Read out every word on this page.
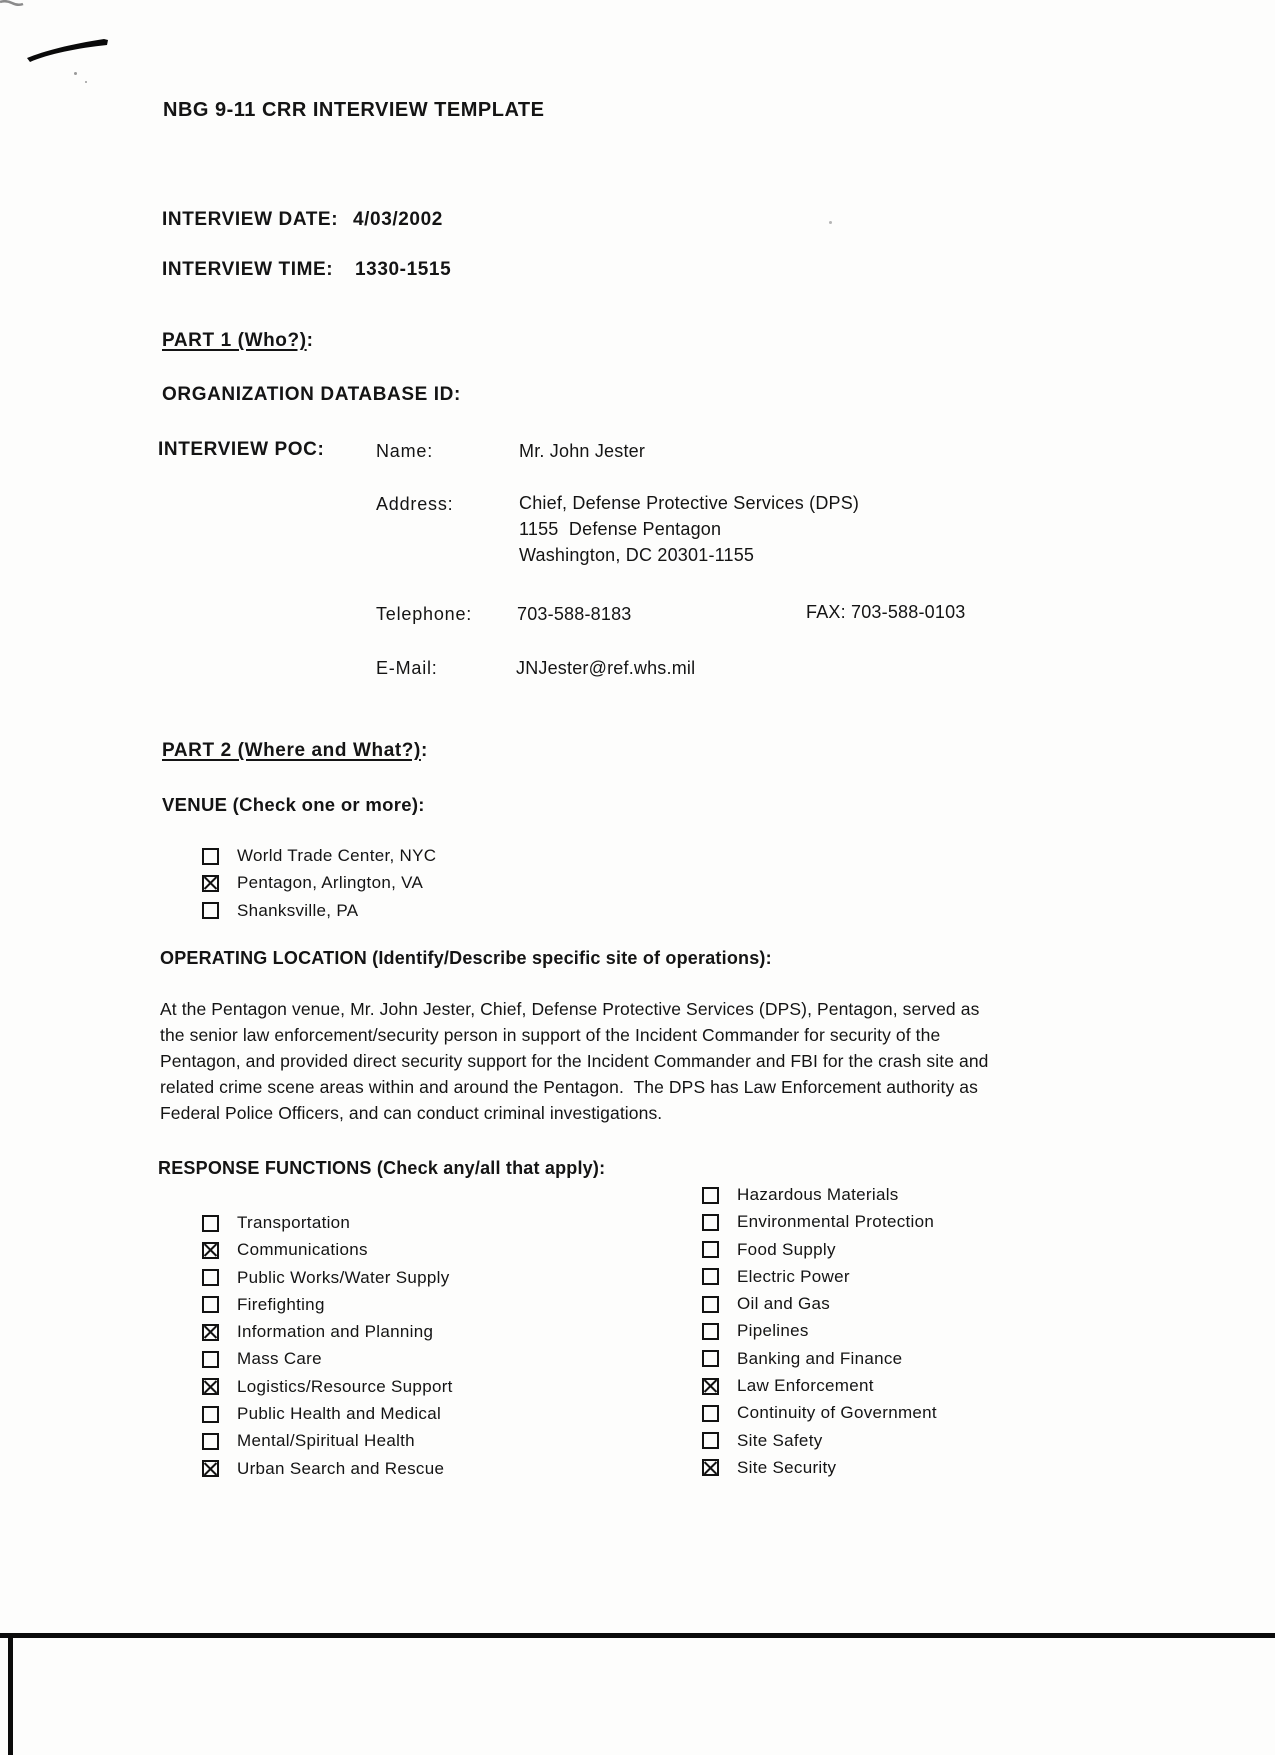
NBG 9-11 CRR INTERVIEW TEMPLATE
INTERVIEW DATE: 4/03/2002
INTERVIEW TIME: 1330-1515
PART 1 (Who?):
ORGANIZATION DATABASE ID:
INTERVIEW POC:	Name:	Mr. John Jester
Address:	Chief, Defense Protective Services (DPS)
1155  Defense Pentagon
Washington, DC 20301-1155
Telephone: 703-588-8183	FAX: 703-588-0103
E-Mail:	JNJester@ref.whs.mil
PART 2 (Where and What?):
VENUE (Check one or more):
World Trade Center, NYC
Pentagon, Arlington, VA
Shanksville, PA
OPERATING LOCATION (Identify/Describe specific site of operations):
At the Pentagon venue, Mr. John Jester, Chief, Defense Protective Services (DPS), Pentagon, served as
the senior law enforcement/security person in support of the Incident Commander for security of the
Pentagon, and provided direct security support for the Incident Commander and FBI for the crash site and
related crime scene areas within and around the Pentagon.  The DPS has Law Enforcement authority as
Federal Police Officers, and can conduct criminal investigations.
RESPONSE FUNCTIONS (Check any/all that apply):
Transportation
Communications
Public Works/Water Supply
Firefighting
Information and Planning
Mass Care
Logistics/Resource Support
Public Health and Medical
Mental/Spiritual Health
Urban Search and Rescue
Hazardous Materials
Environmental Protection
Food Supply
Electric Power
Oil and Gas
Pipelines
Banking and Finance
Law Enforcement
Continuity of Government
Site Safety
Site Security
